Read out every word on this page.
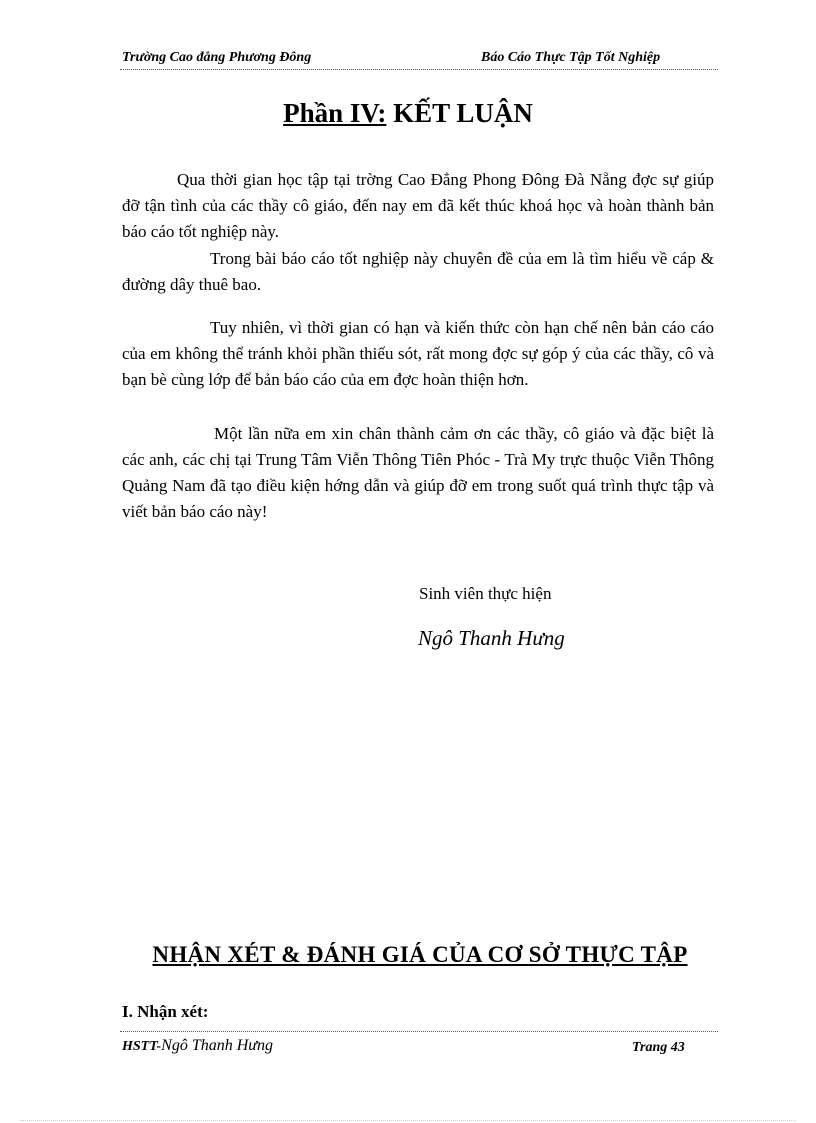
Trường Cao đẳng Phương Đông	Báo Cáo Thực Tập Tốt Nghiệp
Phần IV: KẾT LUẬN
Qua thời gian học tập tại trờng Cao Đẳng Phong Đông Đà Nẵng đợc sự giúp đỡ tận tình của các thầy cô giáo, đến nay em đã kết thúc khoá học và hoàn thành bản báo cáo tốt nghiệp này.
Trong bài báo cáo tốt nghiệp này chuyên đề của em là tìm hiểu về cáp & đường dây thuê bao.
Tuy nhiên, vì thời gian có hạn và kiến thức còn hạn chế nên bản cáo cáo của em không thể tránh khỏi phần thiếu sót, rất mong đợc sự góp ý của các thầy, cô và bạn bè cùng lớp để bản báo cáo của em đợc hoàn thiện hơn.
Một lần nữa em xin chân thành cảm ơn các thầy, cô giáo và đặc biệt là các anh, các chị tại Trung Tâm Viễn Thông Tiên Phóc - Trà My trực thuộc Viễn Thông Quảng Nam đã tạo điều kiện hớng dẫn và giúp đỡ em trong suốt quá trình thực tập và viết bản báo cáo này!
Sinh viên thực hiện
Ngô Thanh Hưng
NHẬN XÉT & ĐÁNH GIÁ CỦA CƠ SỞ THỰC TẬP
I. Nhận xét:
HSTT-Ngô Thanh Hưng	Trang 43
